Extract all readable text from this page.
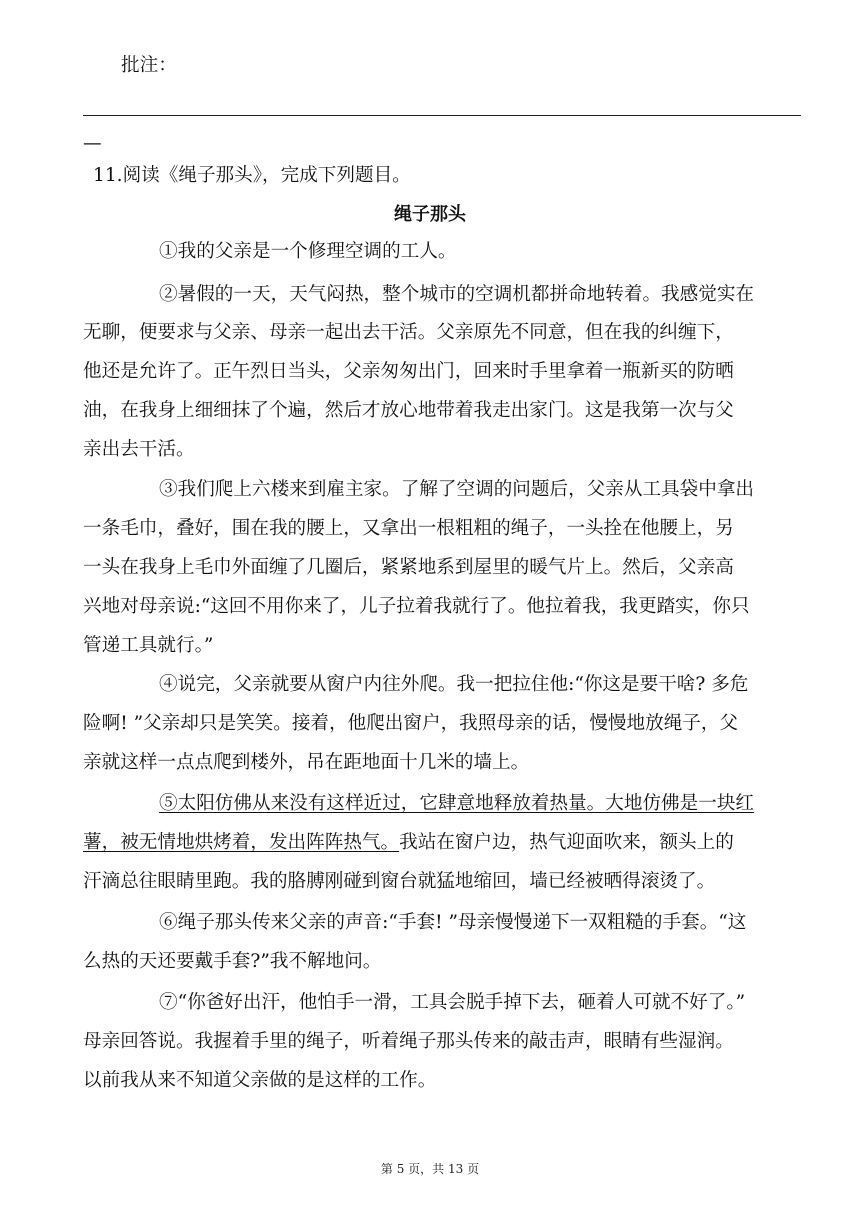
批注：
—
11.阅读《绳子那头》，完成下列题目。
绳子那头
①我的父亲是一个修理空调的工人。
②暑假的一天，天气闷热，整个城市的空调机都拼命地转着。我感觉实在
无聊，便要求与父亲、母亲一起出去干活。父亲原先不同意，但在我的纠缠下，
他还是允许了。正午烈日当头，父亲匆匆出门，回来时手里拿着一瓶新买的防晒
油，在我身上细细抹了个遍，然后才放心地带着我走出家门。这是我第一次与父
亲出去干活。
③我们爬上六楼来到雇主家。了解了空调的问题后，父亲从工具袋中拿出
一条毛巾，叠好，围在我的腰上，又拿出一根粗粗的绳子，一头拴在他腰上，另
一头在我身上毛巾外面缠了几圈后，紧紧地系到屋里的暖气片上。然后，父亲高
兴地对母亲说:“这回不用你来了，儿子拉着我就行了。他拉着我，我更踏实，你只
管递工具就行。”
④说完，父亲就要从窗户内往外爬。我一把拉住他:“你这是要干啥? 多危
险啊! ”父亲却只是笑笑。接着，他爬出窗户，我照母亲的话，慢慢地放绳子，父
亲就这样一点点爬到楼外，吊在距地面十几米的墙上。
⑤太阳仿佛从来没有这样近过，它肆意地释放着热量。大地仿佛是一块红
薯，被无情地烘烤着，发出阵阵热气。我站在窗户边，热气迎面吹来，额头上的
汗滴总往眼睛里跑。我的胳膊刚碰到窗台就猛地缩回，墙已经被晒得滚烫了。
⑥绳子那头传来父亲的声音:“手套! ”母亲慢慢递下一双粗糙的手套。“这
么热的天还要戴手套?”我不解地问。
⑦“你爸好出汗，他怕手一滑，工具会脱手掉下去，砸着人可就不好了。”
母亲回答说。我握着手里的绳子，听着绳子那头传来的敲击声，眼睛有些湿润。
以前我从来不知道父亲做的是这样的工作。
第 5 页，共 13 页
